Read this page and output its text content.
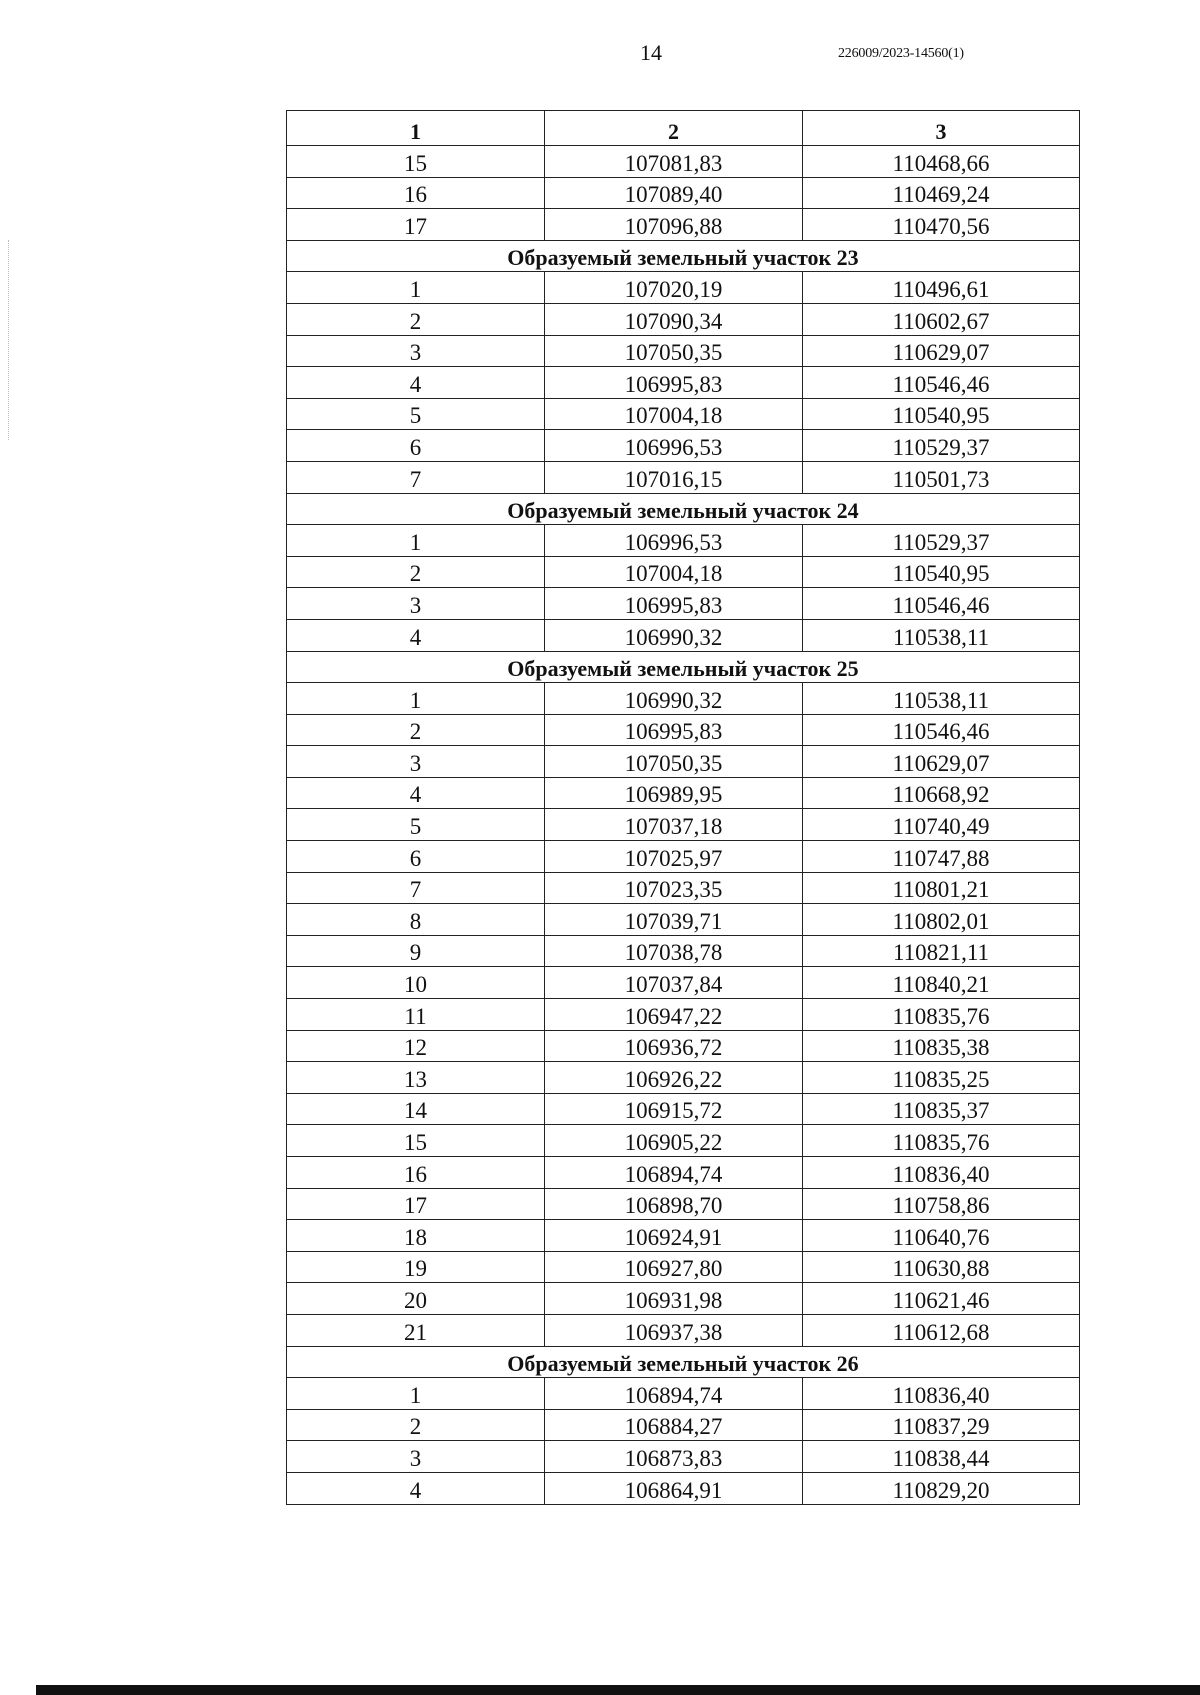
14	226009/2023-14560(1)
1	2	3
15	107081,83	110468,66
16	107089,40	110469,24
17	107096,88	110470,56
Образуемый земельный участок 23		
1	107020,19	110496,61
2	107090,34	110602,67
3	107050,35	110629,07
4	106995,83	110546,46
5	107004,18	110540,95
6	106996,53	110529,37
7	107016,15	110501,73
Образуемый земельный участок 24		
1	106996,53	110529,37
2	107004,18	110540,95
3	106995,83	110546,46
4	106990,32	110538,11
Образуемый земельный участок 25		
1	106990,32	110538,11
2	106995,83	110546,46
3	107050,35	110629,07
4	106989,95	110668,92
5	107037,18	110740,49
6	107025,97	110747,88
7	107023,35	110801,21
8	107039,71	110802,01
9	107038,78	110821,11
10	107037,84	110840,21
11	106947,22	110835,76
12	106936,72	110835,38
13	106926,22	110835,25
14	106915,72	110835,37
15	106905,22	110835,76
16	106894,74	110836,40
17	106898,70	110758,86
18	106924,91	110640,76
19	106927,80	110630,88
20	106931,98	110621,46
21	106937,38	110612,68
Образуемый земельный участок 26		
1	106894,74	110836,40
2	106884,27	110837,29
3	106873,83	110838,44
4	106864,91	110829,20
